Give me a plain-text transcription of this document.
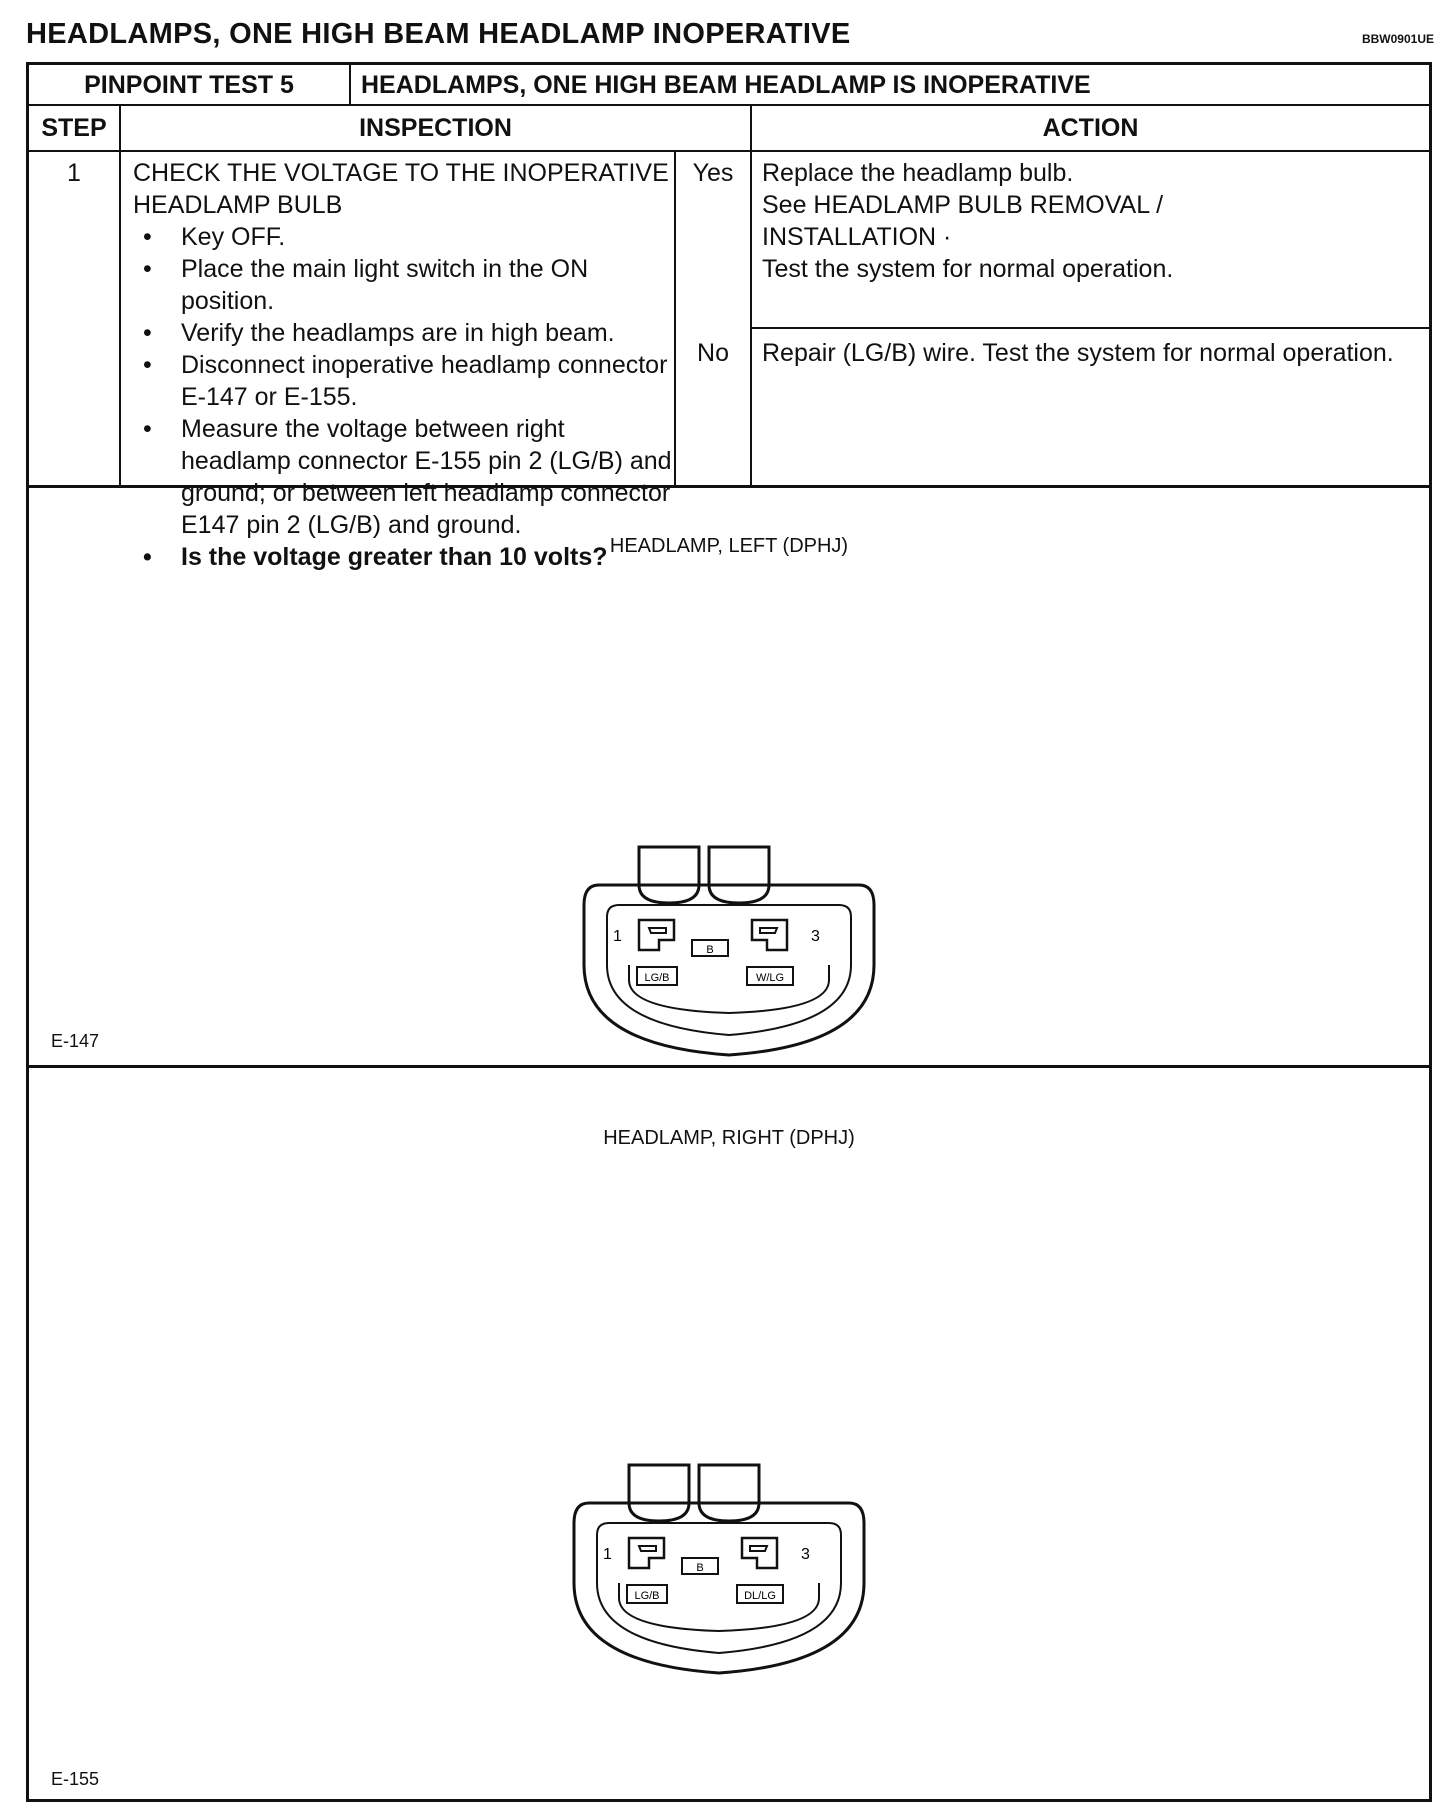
HEADLAMPS, ONE HIGH BEAM HEADLAMP INOPERATIVE	BBW0901UE
PINPOINT TEST 5	HEADLAMPS, ONE HIGH BEAM HEADLAMP IS INOPERATIVE
STEP	INSPECTION	ACTION
1	CHECK THE VOLTAGE TO THE INOPERATIVE
HEADLAMP BULB
• Key OFF.
• Place the main light switch in the ON position.
• Verify the headlamps are in high beam.
• Disconnect inoperative headlamp connector E-147 or E-155.
• Measure the voltage between right headlamp connector E-155 pin 2 (LG/B) and ground; or between left headlamp connector E147 pin 2 (LG/B) and ground.
• Is the voltage greater than 10 volts?
Yes	Replace the headlamp bulb.
See HEADLAMP BULB REMOVAL /
INSTALLATION ·
Test the system for normal operation.
No	Repair (LG/B) wire. Test the system for normal operation.
HEADLAMP, LEFT (DPHJ)
1	3
B
LG/B	W/LG
E-147
HEADLAMP, RIGHT (DPHJ)
1	3
B
LG/B	DL/LG
E-155
